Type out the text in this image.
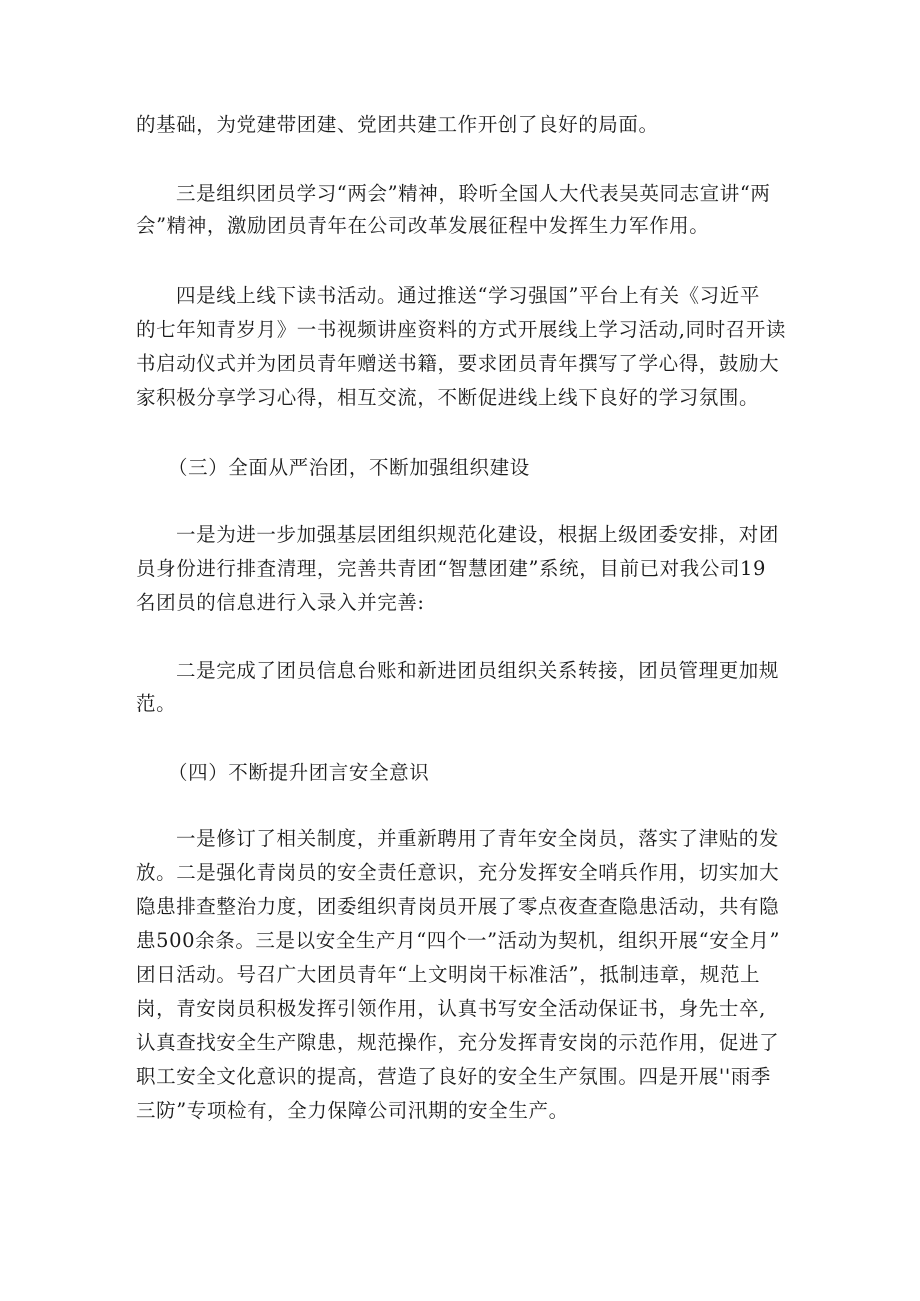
的基础，为党建带团建、党团共建工作开创了良好的局面。

三是组织团员学习“两会”精神，聆听全国人大代表吴英同志宣讲“两

会”精神，激励团员青年在公司改革发展征程中发挥生力军作用。

四是线上线下读书活动。通过推送“学习强国”平台上有关《习近平

的七年知青岁月》一书视频讲座资料的方式开展线上学习活动,同时召开读

书启动仪式并为团员青年赠送书籍，要求团员青年撰写了学心得，鼓励大

家积极分享学习心得，相互交流，不断促进线上线下良好的学习氛围。

（三）全面从严治团，不断加强组织建设

一是为进一步加强基层团组织规范化建设，根据上级团委安排，对团

员身份进行排査清理，完善共青团“智慧团建”系统，目前已对我公司19

名团员的信息进行入录入并完善:

二是完成了团员信息台账和新进团员组织关系转接，团员管理更加规

范。

（四）不断提升团言安全意识

一是修订了相关制度，并重新聘用了青年安全岗员，落实了津贴的发

放。二是强化青岗员的安全责任意识，充分发挥安全哨兵作用，切实加大

隐患排查整治力度，团委组织青岗员开展了零点夜查查隐患活动，共有隐

患500余条。三是以安全生产月“四个一”活动为契机，组织开展“安全月”

团日活动。号召广大团员青年“上文明岗干标准活”，抵制违章，规范上

岗，青安岗员积极发挥引领作用，认真书写安全活动保证书，身先士卒,

认真查找安全生产隙患，规范操作，充分发挥青安岗的示范作用，促进了

职工安全文化意识的提高，营造了良好的安全生产氛围。四是开展''雨季

三防”专项检有，全力保障公司汛期的安全生产。
